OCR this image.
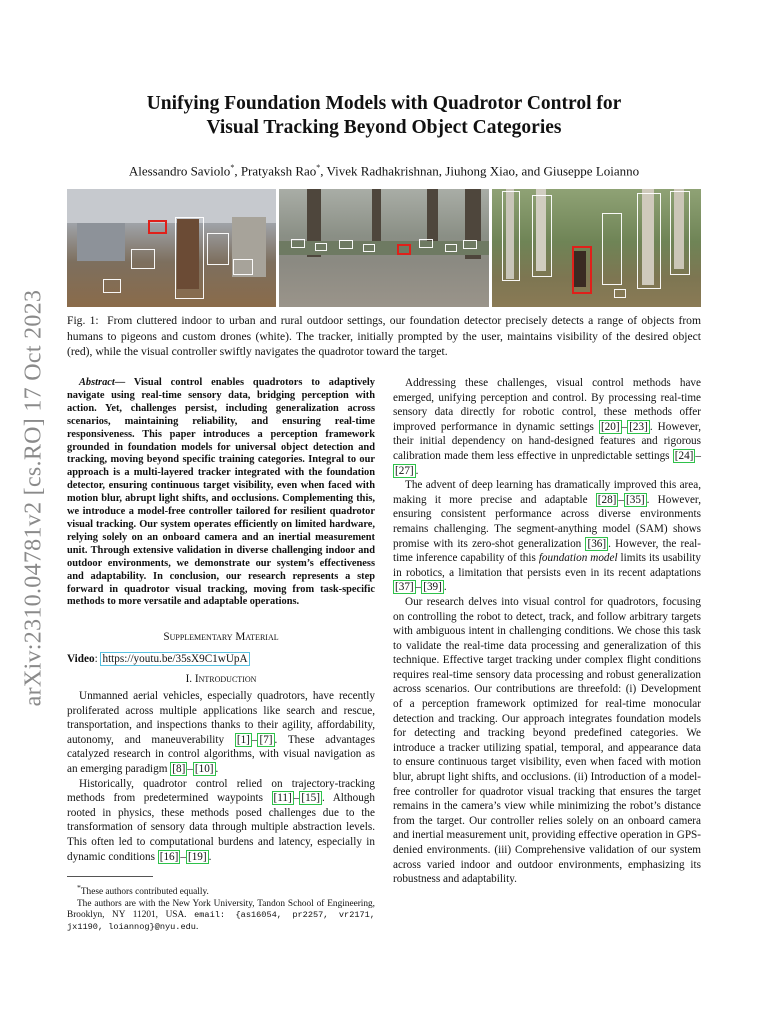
arXiv:2310.04781v2 [cs.RO] 17 Oct 2023
Unifying Foundation Models with Quadrotor Control for
Visual Tracking Beyond Object Categories
Alessandro Saviolo*, Pratyaksh Rao*, Vivek Radhakrishnan, Jiuhong Xiao, and Giuseppe Loianno
Fig. 1: From cluttered indoor to urban and rural outdoor settings, our foundation detector precisely detects a range of objects from humans to pigeons and custom drones (white). The tracker, initially prompted by the user, maintains visibility of the desired object (red), while the visual controller swiftly navigates the quadrotor toward the target.

Abstract— Visual control enables quadrotors to adaptively navigate using real-time sensory data, bridging perception with action. Yet, challenges persist, including generalization across scenarios, maintaining reliability, and ensuring real-time responsiveness. This paper introduces a perception framework grounded in foundation models for universal object detection and tracking, moving beyond specific training categories. Integral to our approach is a multi-layered tracker integrated with the foundation detector, ensuring continuous target visibility, even when faced with motion blur, abrupt light shifts, and occlusions. Complementing this, we introduce a model-free controller tailored for resilient quadrotor visual tracking. Our system operates efficiently on limited hardware, relying solely on an onboard camera and an inertial measurement unit. Through extensive validation in diverse challenging indoor and outdoor environments, we demonstrate our system’s effectiveness and adaptability. In conclusion, our research represents a step forward in quadrotor visual tracking, moving from task-specific methods to more versatile and adaptable operations.

Supplementary Material
Video: https://youtu.be/35sX9C1wUpA
I. Introduction

Unmanned aerial vehicles, especially quadrotors, have recently proliferated across multiple applications like search and rescue, transportation, and inspections thanks to their agility, affordability, autonomy, and maneuverability [1] – [7] . These advantages catalyzed research in control algorithms, with visual navigation as an emerging paradigm [8] – [10] .

Historically, quadrotor control relied on trajectory-tracking methods from predetermined waypoints [11] – [15] . Although rooted in physics, these methods posed challenges due to the transformation of sensory data through multiple abstraction levels. This often led to computational burdens and latency, especially in dynamic conditions [16] – [19] .

*These authors contributed equally.
The authors are with the New York University, Tandon School of Engineering, Brooklyn, NY 11201, USA. email: {as16054, pr2257, vr2171, jx1190, loiannog}@nyu.edu.

Addressing these challenges, visual control methods have emerged, unifying perception and control. By processing real-time sensory data directly for robotic control, these methods offer improved performance in dynamic settings [20] – [23] . However, their initial dependency on hand-designed features and rigorous calibration made them less effective in unpredictable settings [24] –[27] .

The advent of deep learning has dramatically improved this area, making it more precise and adaptable [28] – [35] . However, ensuring consistent performance across diverse environments remains challenging. The segment-anything model (SAM) shows promise with its zero-shot generalization [36] . However, the real-time inference capability of this foundation model limits its usability in robotics, a limitation that persists even in its recent adaptations [37] – [39] .

Our research delves into visual control for quadrotors, focusing on controlling the robot to detect, track, and follow arbitrary targets with ambiguous intent in challenging conditions. We chose this task to validate the real-time data processing and generalization of this technique. Effective target tracking under complex flight conditions requires real-time sensory data processing and robust generalization across scenarios. Our contributions are threefold: (i) Development of a perception framework optimized for real-time monocular detection and tracking. Our approach integrates foundation models for detecting and tracking beyond predefined categories. We introduce a tracker utilizing spatial, temporal, and appearance data to ensure continuous target visibility, even when faced with motion blur, abrupt light shifts, and occlusions. (ii) Introduction of a model-free controller for quadrotor visual tracking that ensures the target remains in the camera’s view while minimizing the robot’s distance from the target. Our controller relies solely on an onboard camera and inertial measurement unit, providing effective operation in GPS-denied environments. (iii) Comprehensive validation of our system across varied indoor and outdoor environments, emphasizing its robustness and adaptability.
